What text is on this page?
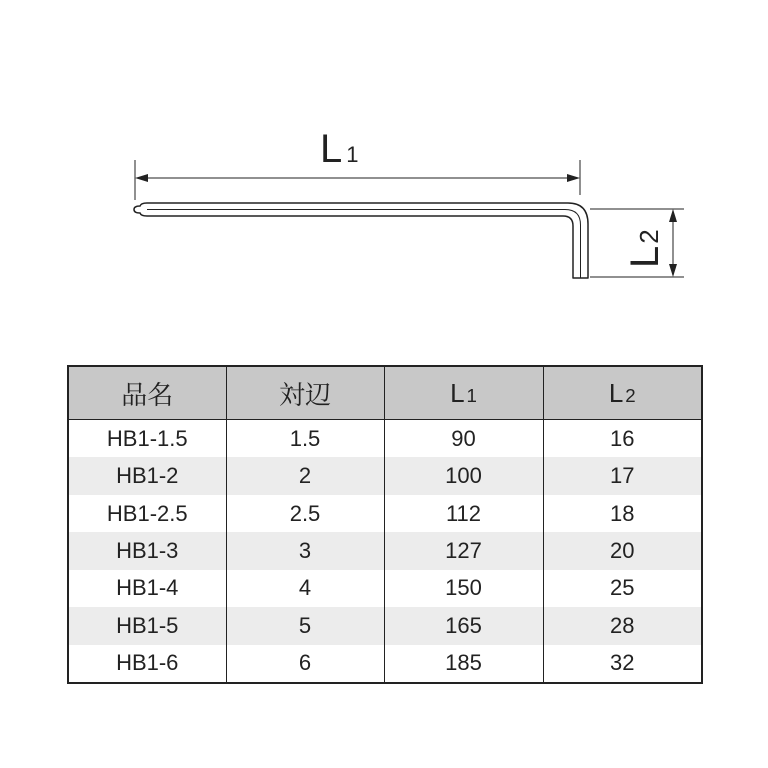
L 1
L2
品名	対辺	L 1	L 2
HB1-1.5	1.5	90	16
HB1-2	2	100	17
HB1-2.5	2.5	112	18
HB1-3	3	127	20
HB1-4	4	150	25
HB1-5	5	165	28
HB1-6	6	185	32
